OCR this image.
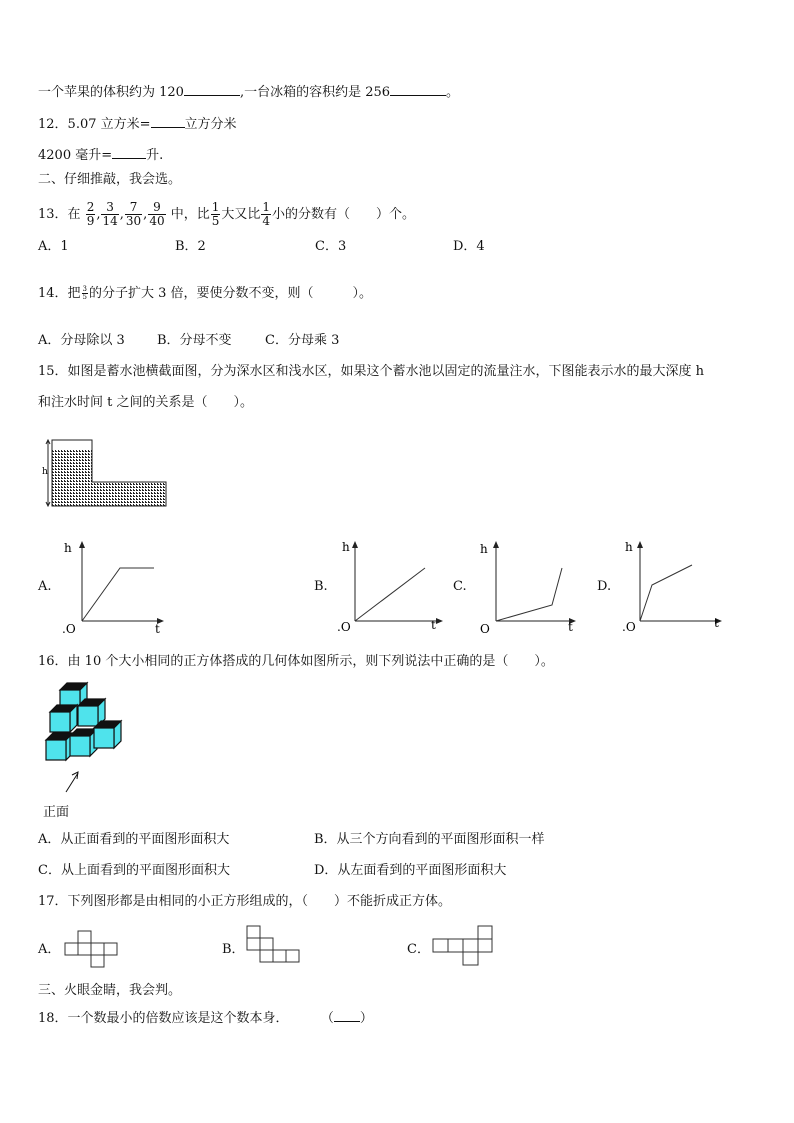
一个苹果的体积约为 120	,一台冰箱的容积约是 256	。
12．5.07 立方米=	立方分米
4200 毫升=	升.
二、仔细推敲，我会选。
13．在 $\frac{2}{9}$ , $\frac{3}{14}$ , $\frac{7}{30}$ , $\frac{9}{40}$ 中，比 $\frac{1}{5}$ 大又比 $\frac{1}{4}$ 小的分数有（　　）个。
A．1	B．2	C．3	D．4
14．把 $\frac{3}{5}$ 的分子扩大 3 倍，要使分数不变，则（　　　）。
A．分母除以 3 B．分母不变	C．分母乘 3
15．如图是蓄水池横截面图，分为深水区和浅水区，如果这个蓄水池以固定的流量注水，下图能表示水的最大深度 h
和注水时间 t 之间的关系是（　　）。
h
A.
h
t
.O
B.
h
t
.O
C.
h
t
O
D.
h
t
.O
16．由 10 个大小相同的正方体搭成的几何体如图所示，则下列说法中正确的是（　　）。
正面
A．从正面看到的平面图形面积大	B．从三个方向看到的平面图形面积一样
C．从上面看到的平面图形面积大	D．从左面看到的平面图形面积大
17．下列图形都是由相同的小正方形组成的，（　　）不能折成正方体。
A．	B．	C．
三、火眼金睛，我会判。
18．一个数最小的倍数应该是这个数本身． （ ）
